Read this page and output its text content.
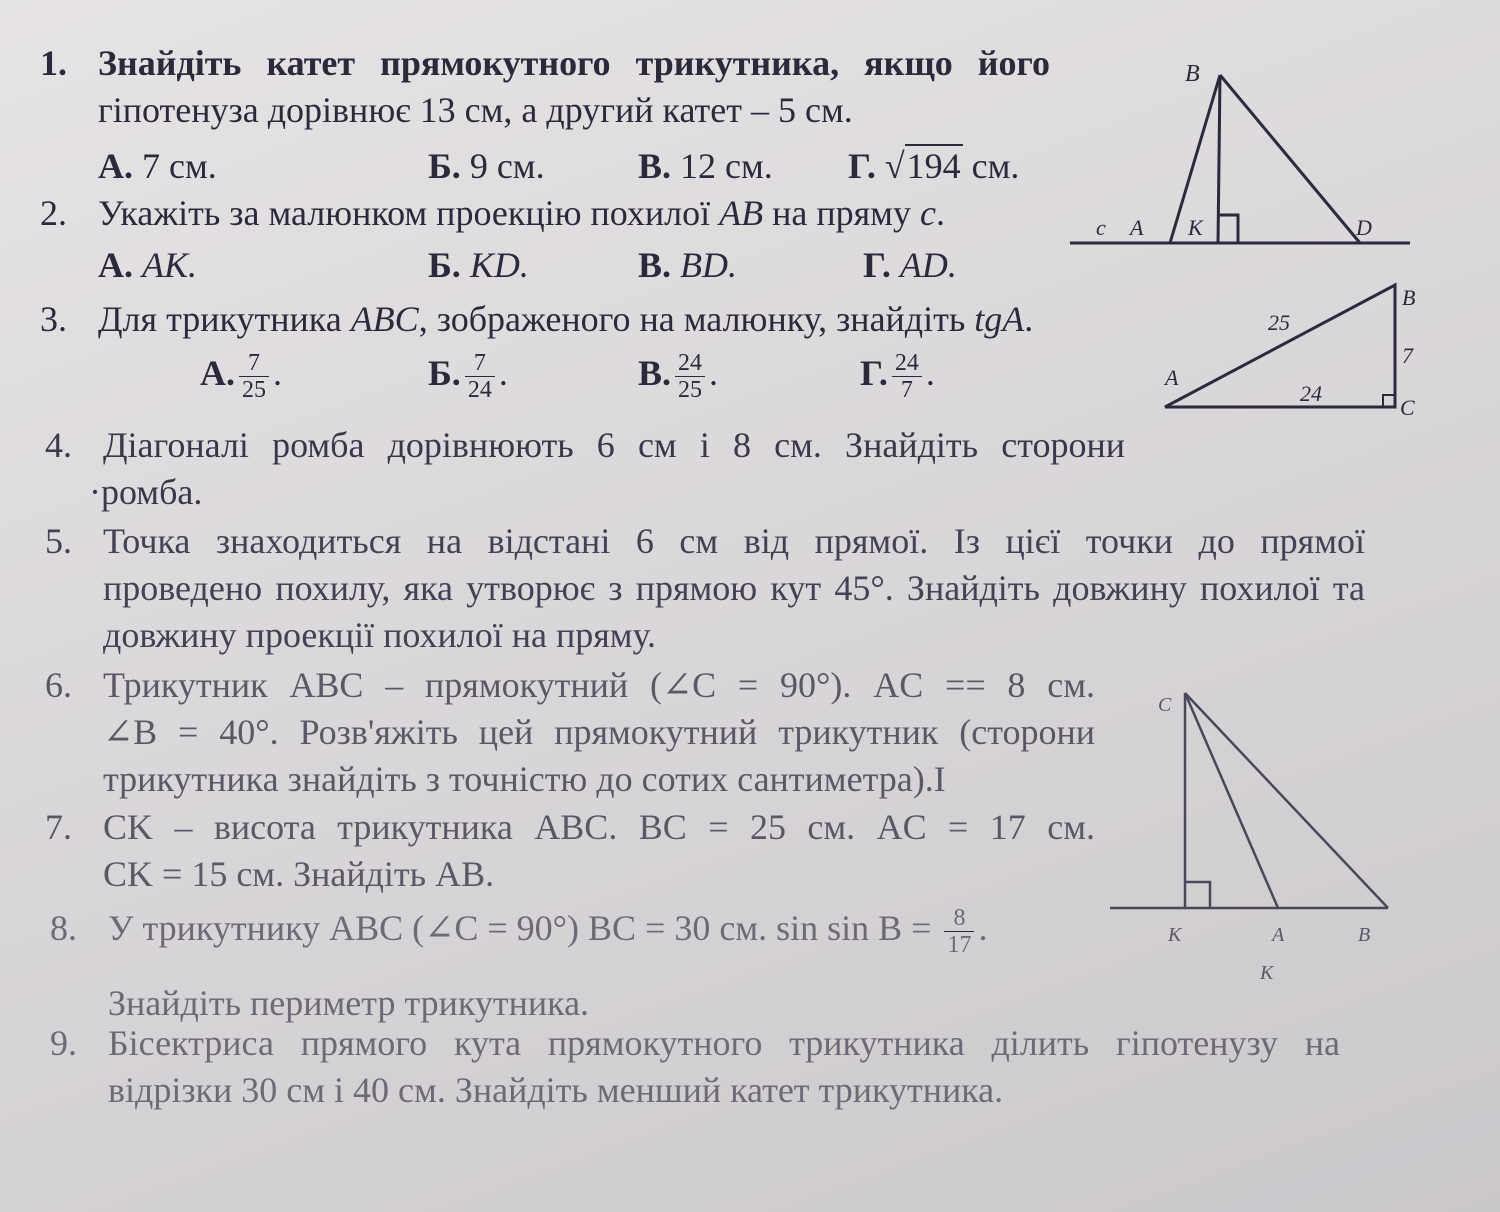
1. Знайдіть катет прямокутного трикутника, якщо його
гіпотенуза дорівнює 13 см, а другий катет – 5 см.
А. 7 см.	Б. 9 см.	В. 12 см. Г. √194 см.
2. Укажіть за малюнком проекцію похилої AB на пряму c.
А. AK.	Б. KD.	В. BD.	Г. AD.
B
c A K	D
3. Для трикутника ABC, зображеного на малюнку, знайдіть tgA.
А. $\frac{7}{25}$ .	Б. $\frac{7}{24}$ .	В. $\frac{24}{25}$ .	Г. $\frac{24}{7}$ .	A
B
C
25
7
24
4. Діагоналі ромба дорівнюють 6 см і 8 см. Знайдіть сторони
·ромба.
5. Точка знаходиться на відстані 6 см від прямої. Із цієї точки до прямої
проведено похилу, яка утворює з прямою кут 45°. Знайдіть довжину похилої та
довжину проекції похилої на пряму.
6. Трикутник ABC – прямокутний (∠C = 90°). AC == 8 см.
∠B = 40°. Розв'яжіть цей прямокутний трикутник (сторони
трикутника знайдіть з точністю до сотих сантиметра).I
7. CK – висота трикутника ABC. BC = 25 см. AC = 17 см.
CK = 15 см. Знайдіть AB.
C
K	A	B
K
8. У трикутнику ABC (∠C = 90°) BC = 30 см. $\sin \sin B = \frac{8}{17}$ .
Знайдіть периметр трикутника.
9. Бісектриса прямого кута прямокутного трикутника ділить гіпотенузу на
відрізки 30 см і 40 см. Знайдіть менший катет трикутника.
